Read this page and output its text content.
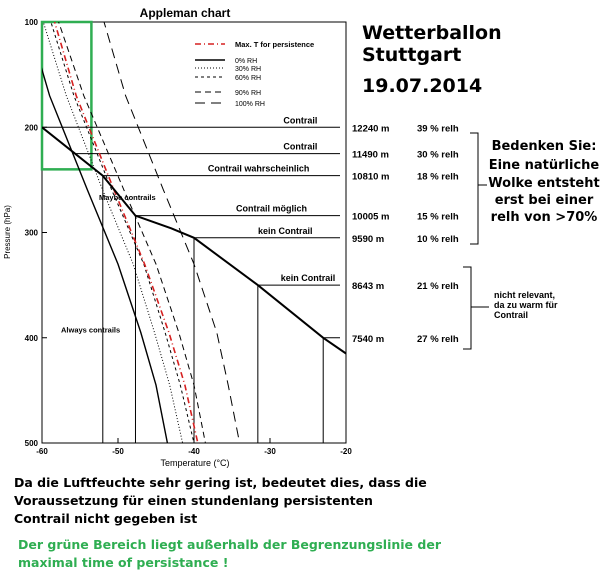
Appleman chart
-60	-50	-40	-30	-20
100
200
300
400
500
Contrail
12240 m	39 % relh
Contrail
11490 m	30 % relh
Contrail wahrscheinlich
10810 m	18 % relh
Contrail möglich
10005 m	15 % relh
kein Contrail
9590 m	10 % relh
kein Contrail
8643 m	21 % relh
7540 m	27 % relh
Always contrails
Maybe contrails
Max. T for persistence
0% RH
30% RH
60% RH
90% RH
100% RH
Pressure (hPa)
Temperature (°C)
Wetterballon
Stuttgart
19.07.2014
Bedenken Sie:
Eine natürliche
Wolke entsteht
erst bei einer
relh von >70%
nicht relevant,
da zu warm für
Contrail
Da die Luftfeuchte sehr gering ist, bedeutet dies, dass die
Voraussetzung für einen stundenlang persistenten
Contrail nicht gegeben ist
Der grüne Bereich liegt außerhalb der Begrenzungslinie der
maximal time of persistance !
